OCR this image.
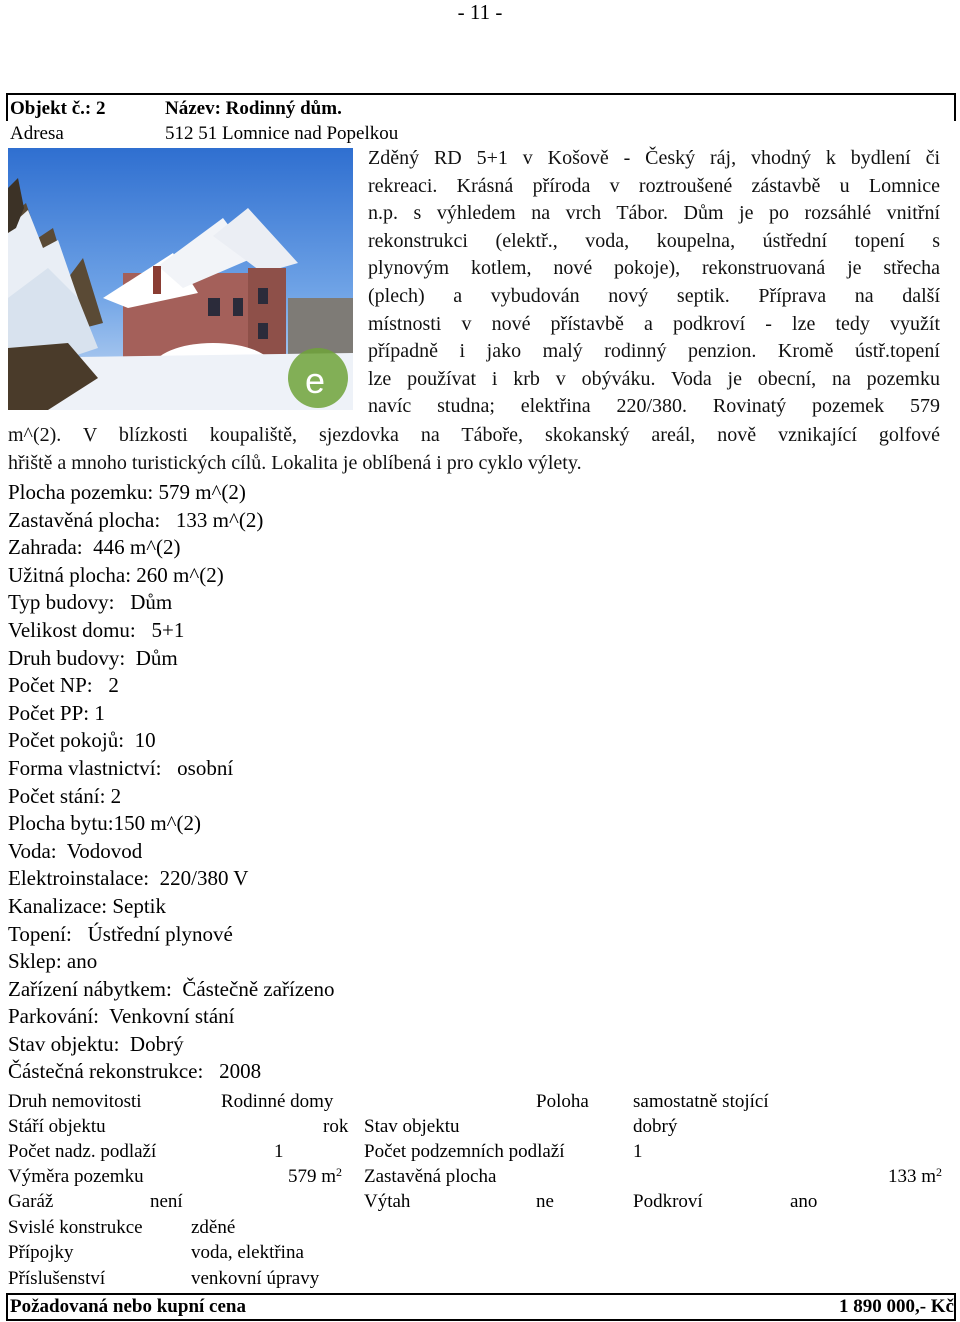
- 11 -
Objekt č.: 2	Název: Rodinný dům.
Adresa	512 51 Lomnice nad Popelkou
e
Zděný RD 5+1 v Košově - Český ráj, vhodný k bydlení či
rekreaci. Krásná příroda v roztroušené zástavbě u Lomnice
n.p. s výhledem na vrch Tábor. Dům je po rozsáhlé vnitřní
rekonstrukci (elektř., voda, koupelna, ústřední topení s
plynovým kotlem, nové pokoje), rekonstruovaná je střecha
(plech) a vybudován nový septik. Příprava na další
místnosti v nové přístavbě a podkroví - lze tedy využít
případně i jako malý rodinný penzion. Kromě ústř.topení
lze používat i krb v obýváku. Voda je obecní, na pozemku
navíc studna; elektřina 220/380. Rovinatý pozemek 579
m^(2). V blízkosti koupaliště, sjezdovka na Táboře, skokanský areál, nově vznikající golfové
hřiště a mnoho turistických cílů. Lokalita je oblíbená i pro cyklo výlety.
Plocha pozemku: 579 m^(2)
Zastavěná plocha:   133 m^(2)
Zahrada:  446 m^(2)
Užitná plocha: 260 m^(2)
Typ budovy:   Dům
Velikost domu:   5+1
Druh budovy:  Dům
Počet NP:   2
Počet PP: 1
Počet pokojů:  10
Forma vlastnictví:   osobní
Počet stání: 2
Plocha bytu:150 m^(2)
Voda:  Vodovod
Elektroinstalace:  220/380 V
Kanalizace: Septik
Topení:   Ústřední plynové
Sklep: ano
Zařízení nábytkem:  Částečně zařízeno
Parkování:  Venkovní stání
Stav objektu:  Dobrý
Částečná rekonstrukce:   2008
Druh nemovitosti	Rodinné domy	Poloha samostatně stojící
Stáří objektu	rok Stav objektu	dobrý
Počet nadz. podlaží	1	Počet podzemních podlaží	1
Výměra pozemku	579 $m^2$ Zastavěná plocha	133 $m^2$
Garáž	není	Výtah	ne	Podkroví	ano
Svislé konstrukce	zděné
Přípojky	voda, elektřina
Příslušenství	venkovní úpravy
Požadovaná nebo kupní cena	1 890 000,- Kč
